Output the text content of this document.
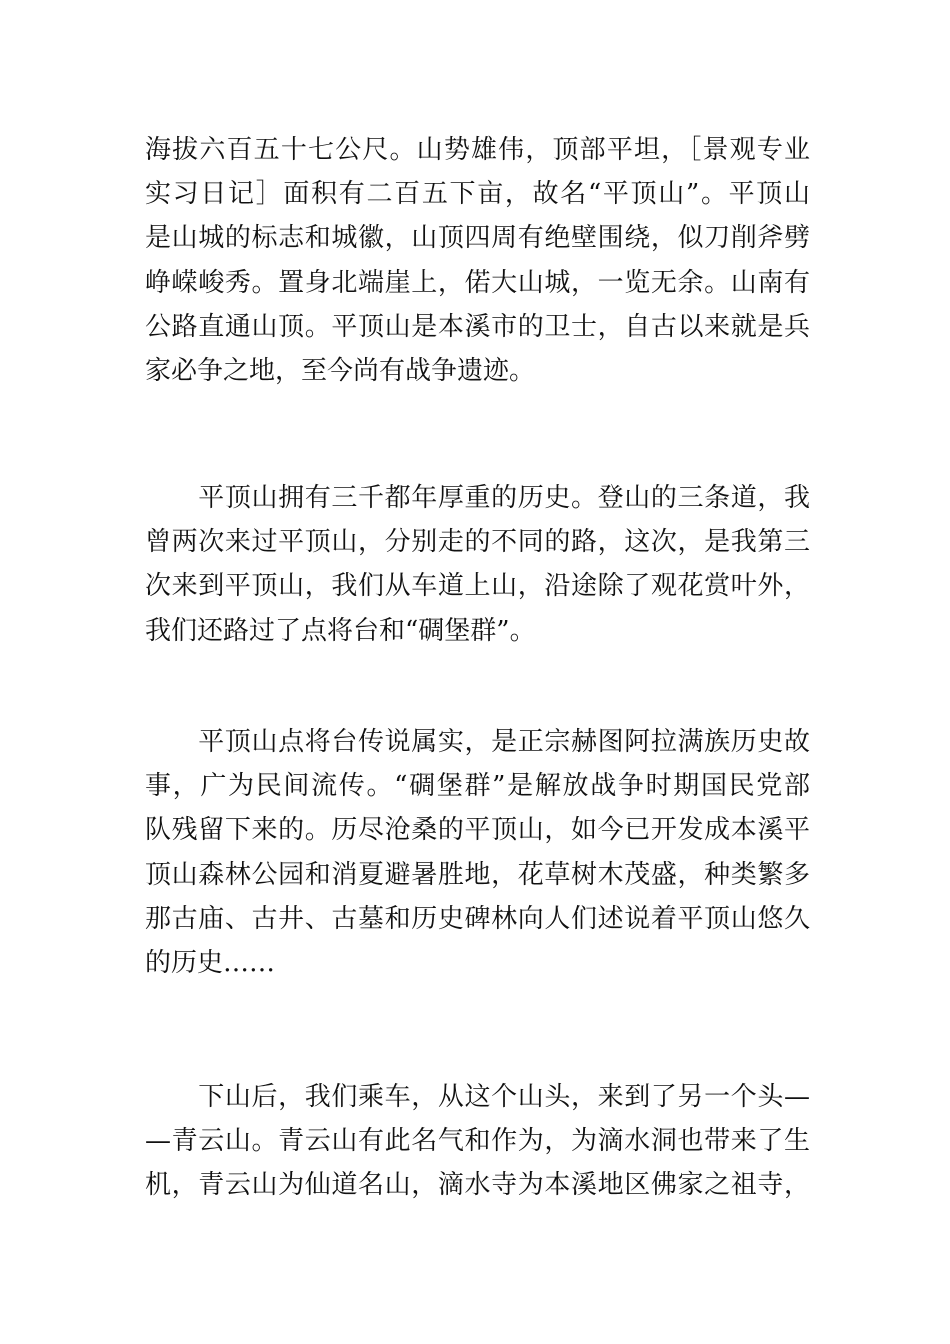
海拔六百五十七公尺。山势雄伟，顶部平坦，［景观专业
实习日记］面积有二百五下亩，故名“平顶山”。平顶山
是山城的标志和城徽，山顶四周有绝壁围绕，似刀削斧劈
峥嵘峻秀。置身北端崖上，偌大山城，一览无余。山南有
公路直通山顶。平顶山是本溪市的卫士，自古以来就是兵
家必争之地，至今尚有战争遗迹。
　　平顶山拥有三千都年厚重的历史。登山的三条道，我
曾两次来过平顶山，分别走的不同的路，这次，是我第三
次来到平顶山，我们从车道上山，沿途除了观花赏叶外，
我们还路过了点将台和“碉堡群”。
　　平顶山点将台传说属实，是正宗赫图阿拉满族历史故
事，广为民间流传。“碉堡群”是解放战争时期国民党部
队残留下来的。历尽沧桑的平顶山，如今已开发成本溪平
顶山森林公园和消夏避暑胜地，花草树木茂盛，种类繁多
那古庙、古井、古墓和历史碑林向人们述说着平顶山悠久
的历史……
　　下山后，我们乘车，从这个山头，来到了另一个头—
—青云山。青云山有此名气和作为，为滴水洞也带来了生
机，青云山为仙道名山，滴水寺为本溪地区佛家之祖寺，
